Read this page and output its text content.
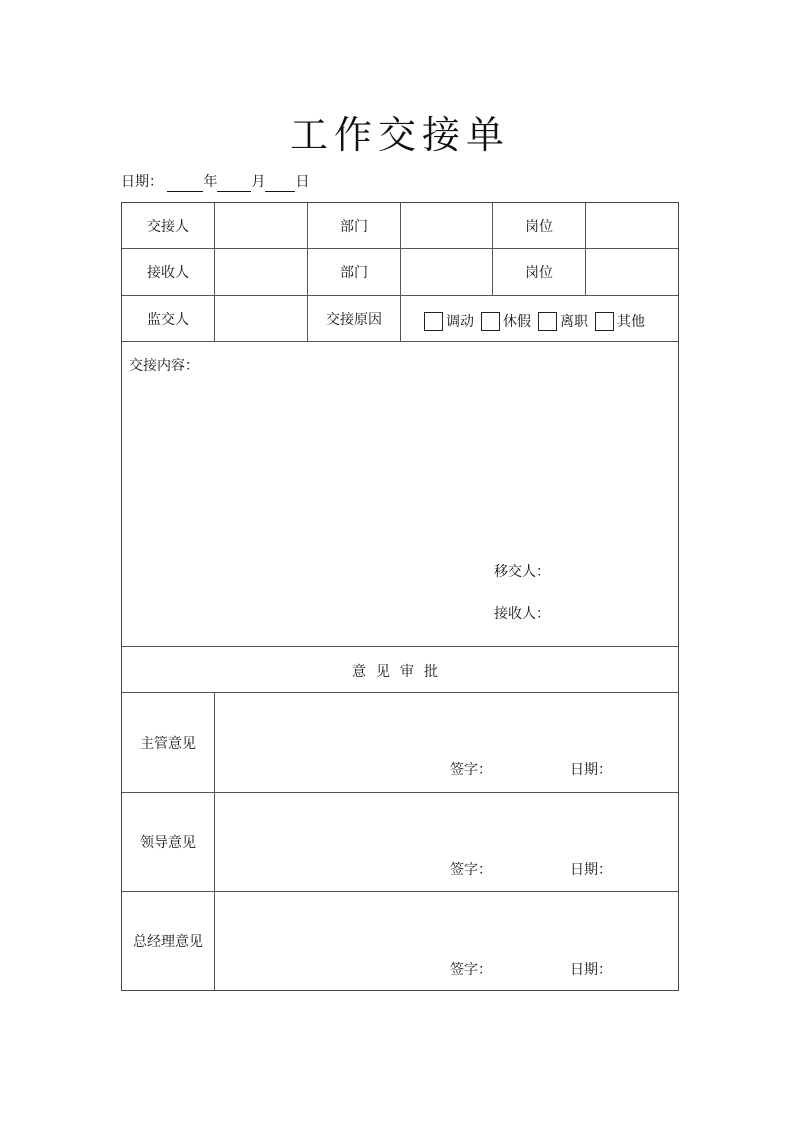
工作交接单
日期：	年 月 日
交接人	部门	岗位
接收人	部门	岗位
监交人	交接原因	调动 休假 离职 其他
交接内容：
移交人：
接收人：
意见审批
主管意见
签字：	日期：
领导意见
签字：	日期：
总经理意见
签字：	日期：
